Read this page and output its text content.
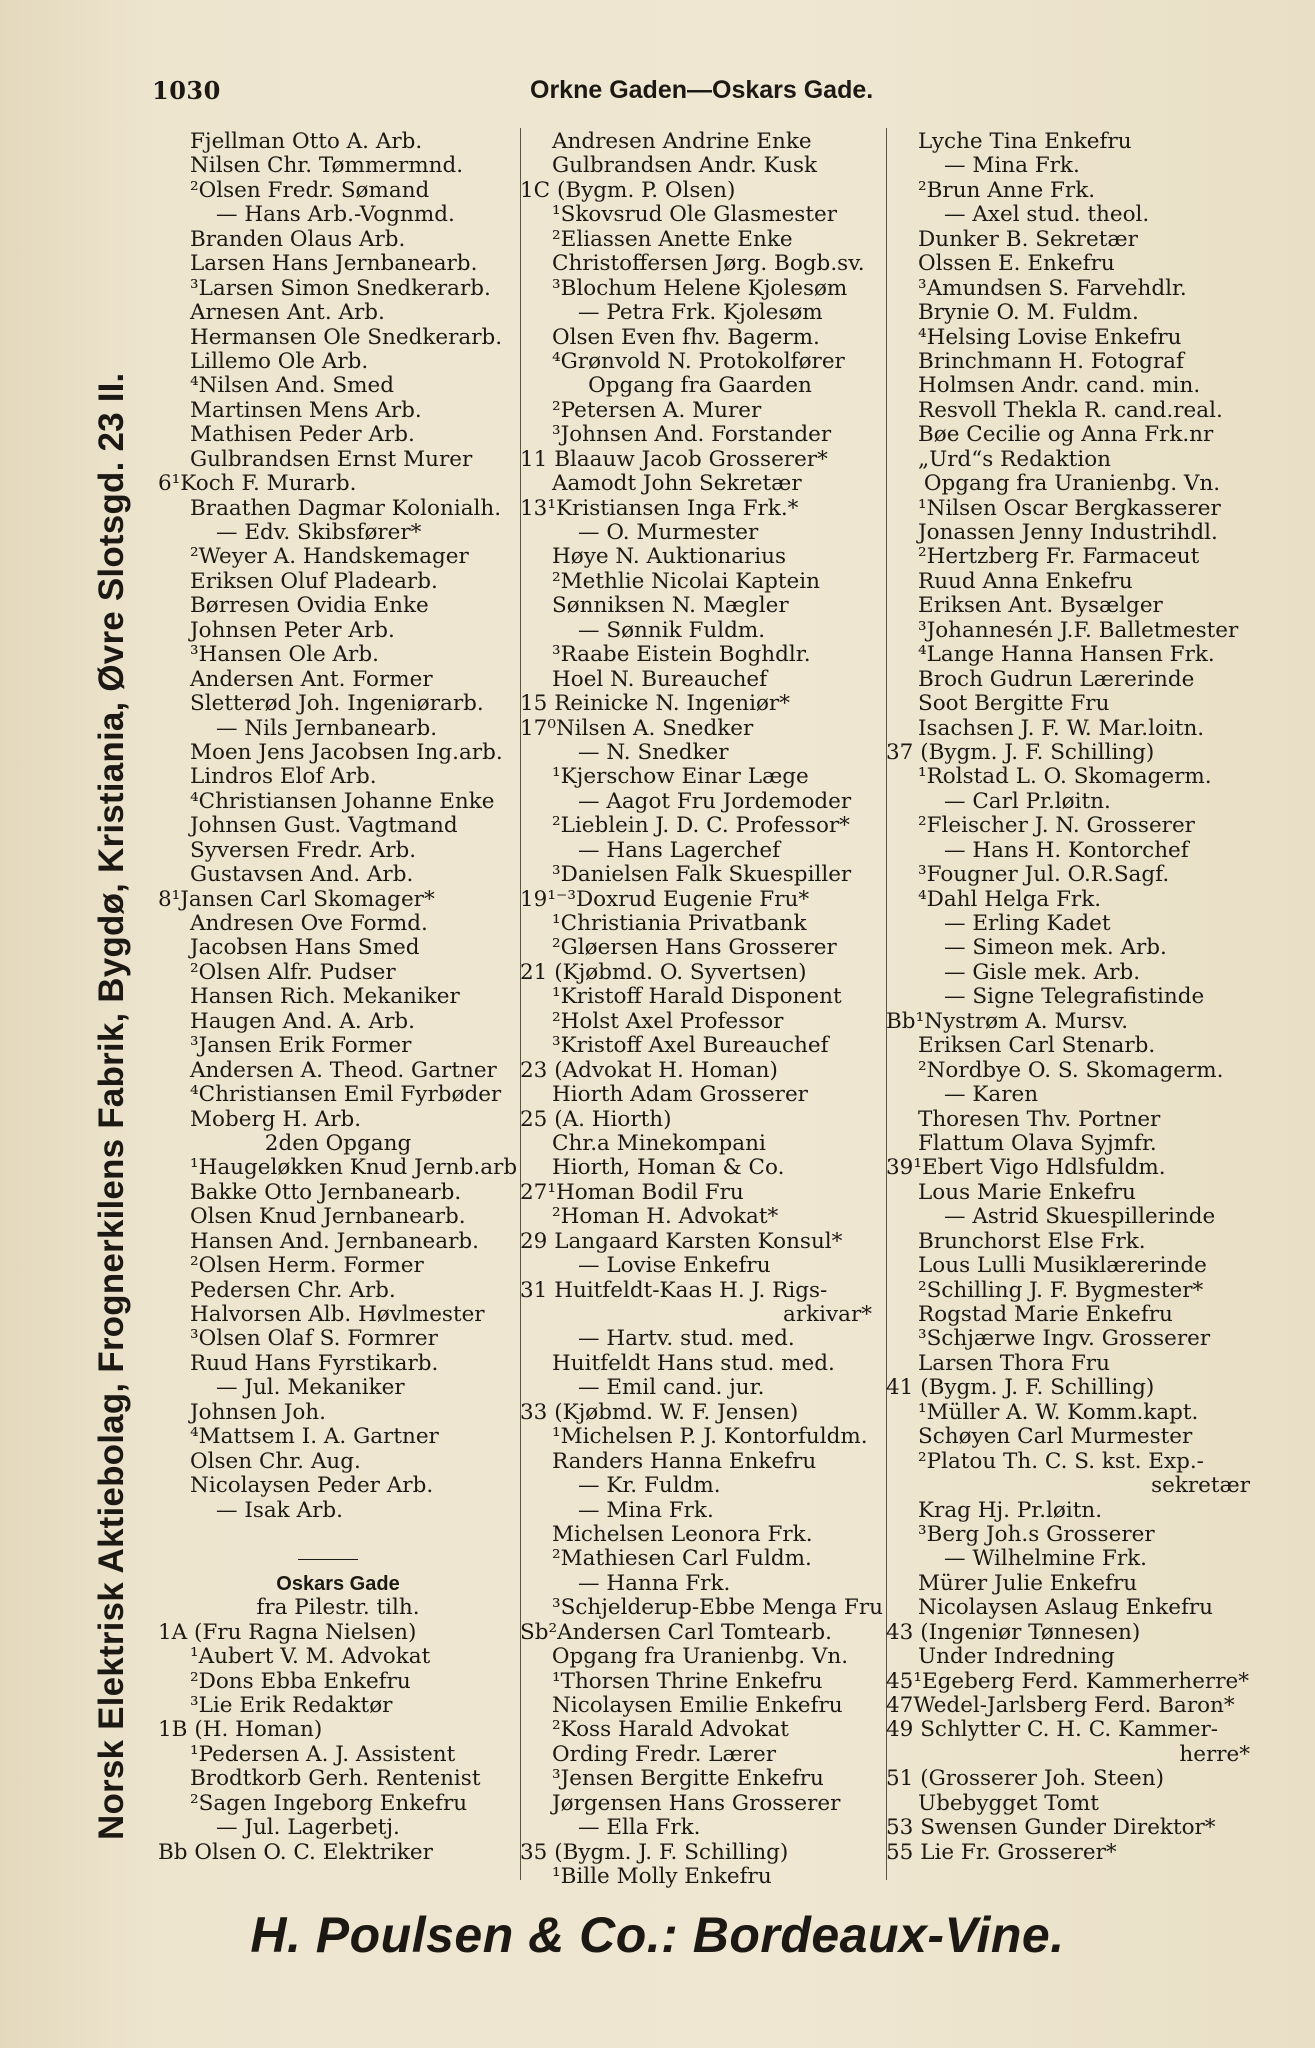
1030	Orkne Gaden—Oskars Gade.
Norsk Elektrisk Aktiebolag, Frognerkilens Fabrik, Bygdø, Kristiania, Øvre Slotsgd. 23 II.
Fjellman Otto A. Arb.
Nilsen Chr. Tømmermnd.
²Olsen Fredr. Sømand
— Hans Arb.-Vognmd.
Branden Olaus Arb.
Larsen Hans Jernbanearb.
³Larsen Simon Snedkerarb.
Arnesen Ant. Arb.
Hermansen Ole Snedkerarb.
Lillemo Ole Arb.
⁴Nilsen And. Smed
Martinsen Mens Arb.
Mathisen Peder Arb.
Gulbrandsen Ernst Murer
6¹Koch F. Murarb.
Braathen Dagmar Kolonialh.
— Edv. Skibsfører*
²Weyer A. Handskemager
Eriksen Oluf Pladearb.
Børresen Ovidia Enke
Johnsen Peter Arb.
³Hansen Ole Arb.
Andersen Ant. Former
Sletterød Joh. Ingeniørarb.
— Nils Jernbanearb.
Moen Jens Jacobsen Ing.arb.
Lindros Elof Arb.
⁴Christiansen Johanne Enke
Johnsen Gust. Vagtmand
Syversen Fredr. Arb.
Gustavsen And. Arb.
8¹Jansen Carl Skomager*
Andresen Ove Formd.
Jacobsen Hans Smed
²Olsen Alfr. Pudser
Hansen Rich. Mekaniker
Haugen And. A. Arb.
³Jansen Erik Former
Andersen A. Theod. Gartner
⁴Christiansen Emil Fyrbøder
Moberg H. Arb.
2den Opgang
¹Haugeløkken Knud Jernb.arb
Bakke Otto Jernbanearb.
Olsen Knud Jernbanearb.
Hansen And. Jernbanearb.
²Olsen Herm. Former
Pedersen Chr. Arb.
Halvorsen Alb. Høvlmester
³Olsen Olaf S. Formrer
Ruud Hans Fyrstikarb.
— Jul. Mekaniker
Johnsen Joh.
⁴Mattsem I. A. Gartner
Olsen Chr. Aug.
Nicolaysen Peder Arb.
— Isak Arb.
Oskars Gade
fra Pilestr. tilh.
1A (Fru Ragna Nielsen)
¹Aubert V. M. Advokat
²Dons Ebba Enkefru
³Lie Erik Redaktør
1B (H. Homan)
¹Pedersen A. J. Assistent
Brodtkorb Gerh. Rentenist
²Sagen Ingeborg Enkefru
— Jul. Lagerbetj.
Bb Olsen O. C. Elektriker
Andresen Andrine Enke
Gulbrandsen Andr. Kusk
1C (Bygm. P. Olsen)
¹Skovsrud Ole Glasmester
²Eliassen Anette Enke
Christoffersen Jørg. Bogb.sv.
³Blochum Helene Kjolesøm
— Petra Frk. Kjolesøm
Olsen Even fhv. Bagerm.
⁴Grønvold N. Protokolfører
Opgang fra Gaarden
²Petersen A. Murer
³Johnsen And. Forstander
11 Blaauw Jacob Grosserer*
Aamodt John Sekretær
13¹Kristiansen Inga Frk.*
— O. Murmester
Høye N. Auktionarius
²Methlie Nicolai Kaptein
Sønniksen N. Mægler
— Sønnik Fuldm.
³Raabe Eistein Boghdlr.
Hoel N. Bureauchef
15 Reinicke N. Ingeniør*
17⁰Nilsen A. Snedker
— N. Snedker
¹Kjerschow Einar Læge
— Aagot Fru Jordemoder
²Lieblein J. D. C. Professor*
— Hans Lagerchef
³Danielsen Falk Skuespiller
19¹⁻³Doxrud Eugenie Fru*
¹Christiania Privatbank
²Gløersen Hans Grosserer
21 (Kjøbmd. O. Syvertsen)
¹Kristoff Harald Disponent
²Holst Axel Professor
³Kristoff Axel Bureauchef
23 (Advokat H. Homan)
Hiorth Adam Grosserer
25 (A. Hiorth)
Chr.a Minekompani
Hiorth, Homan & Co.
27¹Homan Bodil Fru
²Homan H. Advokat*
29 Langaard Karsten Konsul*
— Lovise Enkefru
31 Huitfeldt-Kaas H. J. Rigs-
arkivar*
— Hartv. stud. med.
Huitfeldt Hans stud. med.
— Emil cand. jur.
33 (Kjøbmd. W. F. Jensen)
¹Michelsen P. J. Kontorfuldm.
Randers Hanna Enkefru
— Kr. Fuldm.
— Mina Frk.
Michelsen Leonora Frk.
²Mathiesen Carl Fuldm.
— Hanna Frk.
³Schjelderup-Ebbe Menga Fru
Sb²Andersen Carl Tomtearb.
Opgang fra Uranienbg. Vn.
¹Thorsen Thrine Enkefru
Nicolaysen Emilie Enkefru
²Koss Harald Advokat
Ording Fredr. Lærer
³Jensen Bergitte Enkefru
Jørgensen Hans Grosserer
— Ella Frk.
35 (Bygm. J. F. Schilling)
¹Bille Molly Enkefru
Lyche Tina Enkefru
— Mina Frk.
²Brun Anne Frk.
— Axel stud. theol.
Dunker B. Sekretær
Olssen E. Enkefru
³Amundsen S. Farvehdlr.
Brynie O. M. Fuldm.
⁴Helsing Lovise Enkefru
Brinchmann H. Fotograf
Holmsen Andr. cand. min.
Resvoll Thekla R. cand.real.
Bøe Cecilie og Anna Frk.nr
„Urd“s Redaktion
Opgang fra Uranienbg. Vn.
¹Nilsen Oscar Bergkasserer
Jonassen Jenny Industrihdl.
²Hertzberg Fr. Farmaceut
Ruud Anna Enkefru
Eriksen Ant. Bysælger
³Johannesén J.F. Balletmester
⁴Lange Hanna Hansen Frk.
Broch Gudrun Lærerinde
Soot Bergitte Fru
Isachsen J. F. W. Mar.loitn.
37 (Bygm. J. F. Schilling)
¹Rolstad L. O. Skomagerm.
— Carl Pr.løitn.
²Fleischer J. N. Grosserer
— Hans H. Kontorchef
³Fougner Jul. O.R.Sagf.
⁴Dahl Helga Frk.
— Erling Kadet
— Simeon mek. Arb.
— Gisle mek. Arb.
— Signe Telegrafistinde
Bb¹Nystrøm A. Mursv.
Eriksen Carl Stenarb.
²Nordbye O. S. Skomagerm.
— Karen
Thoresen Thv. Portner
Flattum Olava Syjmfr.
39¹Ebert Vigo Hdlsfuldm.
Lous Marie Enkefru
— Astrid Skuespillerinde
Brunchorst Else Frk.
Lous Lulli Musiklærerinde
²Schilling J. F. Bygmester*
Rogstad Marie Enkefru
³Schjærwe Ingv. Grosserer
Larsen Thora Fru
41 (Bygm. J. F. Schilling)
¹Müller A. W. Komm.kapt.
Schøyen Carl Murmester
²Platou Th. C. S. kst. Exp.-
sekretær
Krag Hj. Pr.løitn.
³Berg Joh.s Grosserer
— Wilhelmine Frk.
Mürer Julie Enkefru
Nicolaysen Aslaug Enkefru
43 (Ingeniør Tønnesen)
Under Indredning
45¹Egeberg Ferd. Kammerherre*
47Wedel-Jarlsberg Ferd. Baron*
49 Schlytter C. H. C. Kammer-
herre*
51 (Grosserer Joh. Steen)
Ubebygget Tomt
53 Swensen Gunder Direktor*
55 Lie Fr. Grosserer*
H. Poulsen & Co.: Bordeaux-Vine.
